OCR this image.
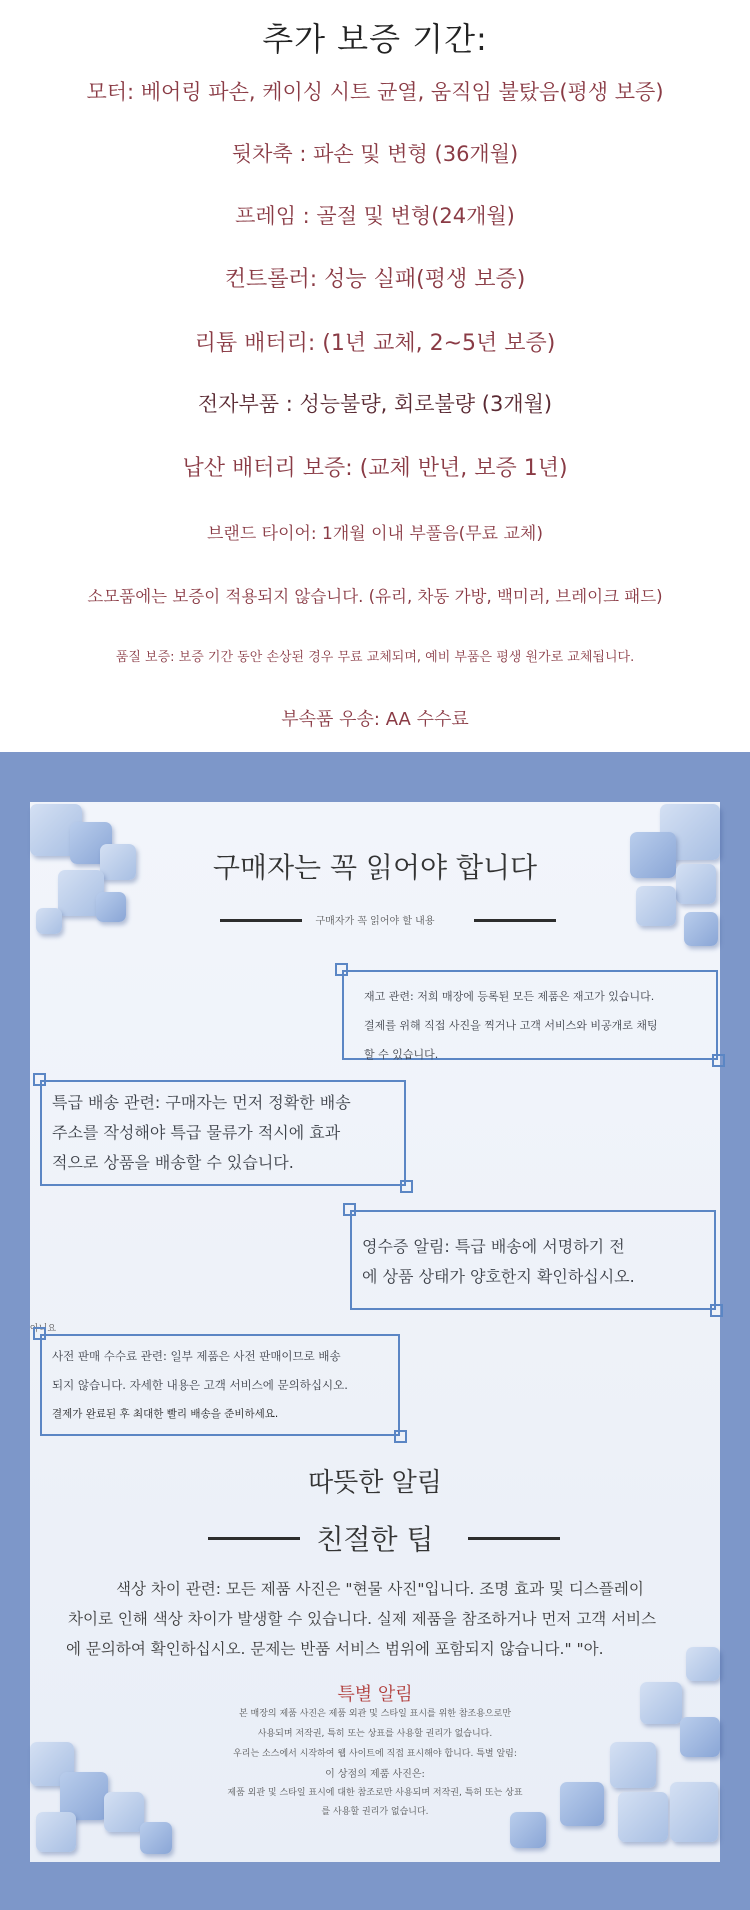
추가 보증 기간:
모터: 베어링 파손, 케이싱 시트 균열, 움직임 불탔음(평생 보증)
뒷차축 : 파손 및 변형 (36개월)
프레임 : 골절 및 변형(24개월)
컨트롤러: 성능 실패(평생 보증)
리튬 배터리: (1년 교체, 2~5년 보증)
전자부품 : 성능불량, 회로불량 (3개월)
납산 배터리 보증: (교체 반년, 보증 1년)
브랜드 타이어: 1개월 이내 부풀음(무료 교체)
소모품에는 보증이 적용되지 않습니다. (유리, 차동 가방, 백미러, 브레이크 패드)
품질 보증: 보증 기간 동안 손상된 경우 무료 교체되며, 예비 부품은 평생 원가로 교체됩니다.
부속품 우송: AA 수수료
구매자는 꼭 읽어야 합니다
구매자가 꼭 읽어야 할 내용
재고 관련: 저희 매장에 등록된 모든 제품은 재고가 있습니다.
결제를 위해 직접 사진을 찍거나 고객 서비스와 비공개로 채팅
할 수 있습니다.
특급 배송 관련: 구매자는 먼저 정확한 배송
주소를 작성해야 특급 물류가 적시에 효과
적으로 상품을 배송할 수 있습니다.
영수증 알림: 특급 배송에 서명하기 전
에 상품 상태가 양호한지 확인하십시오.
아니요
사전 판매 수수료 관련: 일부 제품은 사전 판매이므로 배송
되지 않습니다. 자세한 내용은 고객 서비스에 문의하십시오.
결제가 완료된 후 최대한 빨리 배송을 준비하세요.
따뜻한 알림
친절한 팁
색상 차이 관련: 모든 제품 사진은 "현물 사진"입니다. 조명 효과 및 디스플레이
차이로 인해 색상 차이가 발생할 수 있습니다. 실제 제품을 참조하거나 먼저 고객 서비스
에 문의하여 확인하십시오. 문제는 반품 서비스 범위에 포함되지 않습니다." "아.
특별 알림
본 매장의 제품 사진은 제품 외관 및 스타일 표시를 위한 참조용으로만
사용되며 저작권, 특히 또는 상표를 사용할 권리가 없습니다.
우리는 소스에서 시작하여 웹 사이트에 직접 표시해야 합니다. 특별 알림:
이 상점의 제품 사진은:
제품 외관 및 스타일 표시에 대한 참조로만 사용되며 저작권, 특허 또는 상표
를 사용할 권리가 없습니다.
